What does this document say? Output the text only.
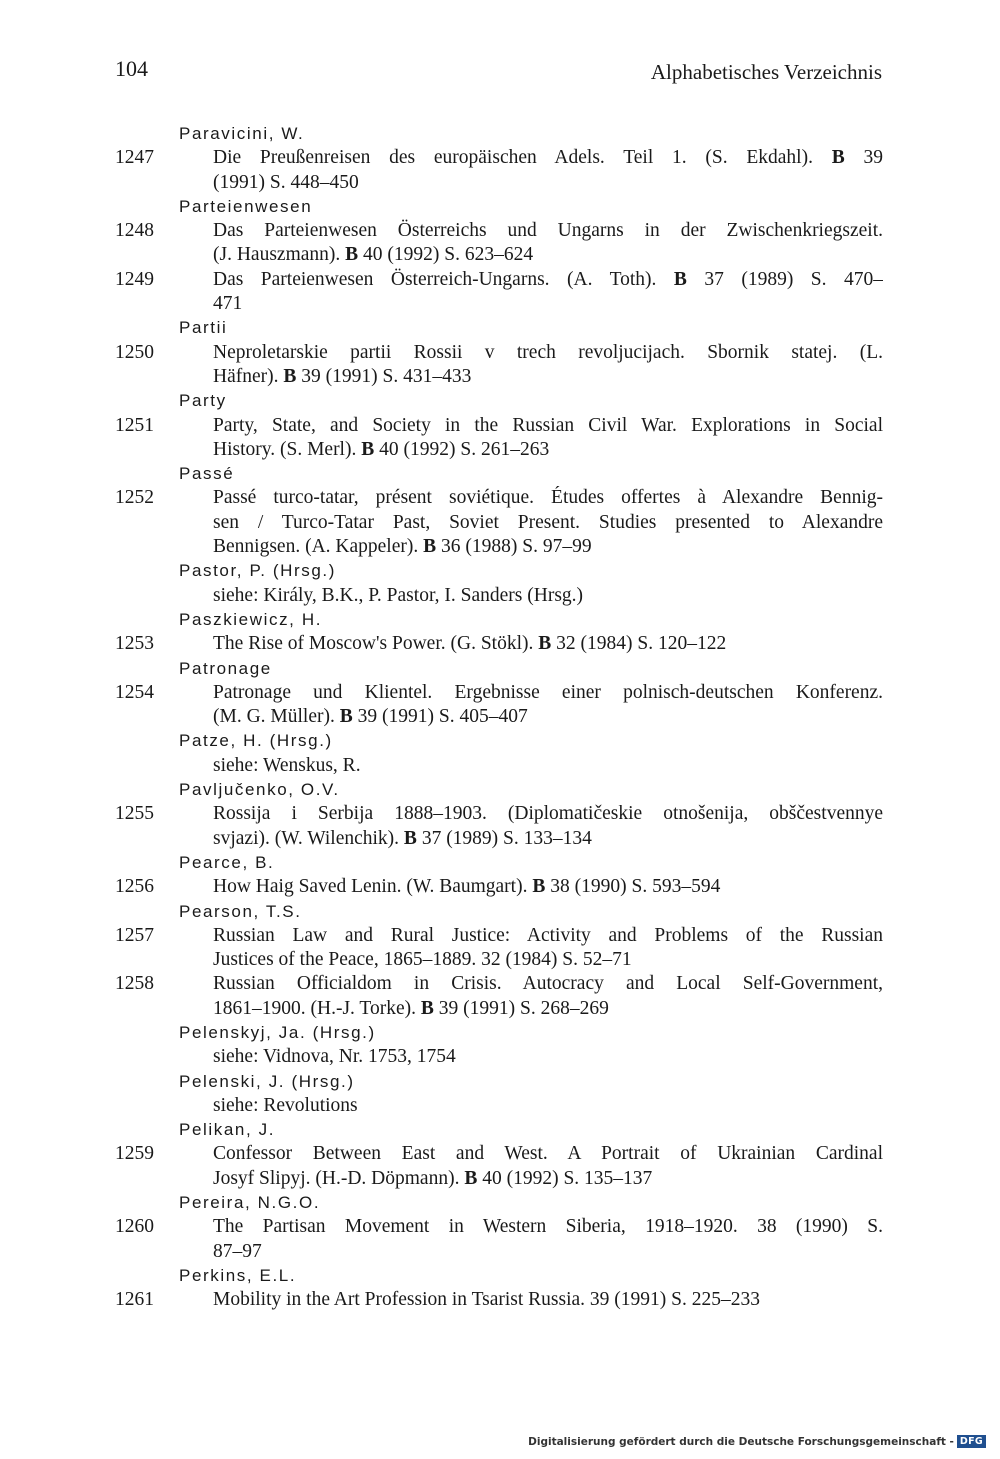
104	Alphabetisches Verzeichnis
Paravicini, W.
1247	Die Preußenreisen des europäischen Adels. Teil 1. (S. Ekdahl). B 39
(1991) S. 448–450
Parteienwesen
1248	Das Parteienwesen Österreichs und Ungarns in der Zwischenkriegszeit.
(J. Hauszmann). B 40 (1992) S. 623–624
1249	Das Parteienwesen Österreich-Ungarns. (A. Toth). B 37 (1989) S. 470–
471
Partii
1250	Neproletarskie partii Rossii v trech revoljucijach. Sbornik statej. (L.
Häfner). B 39 (1991) S. 431–433
Party
1251	Party, State, and Society in the Russian Civil War. Explorations in Social
History. (S. Merl). B 40 (1992) S. 261–263
Passé
1252	Passé turco-tatar, présent soviétique. Études offertes à Alexandre Bennig-
sen / Turco-Tatar Past, Soviet Present. Studies presented to Alexandre
Bennigsen. (A. Kappeler). B 36 (1988) S. 97–99
Pastor, P. (Hrsg.)
siehe: Király, B.K., P. Pastor, I. Sanders (Hrsg.)
Paszkiewicz, H.
1253	The Rise of Moscow's Power. (G. Stökl). B 32 (1984) S. 120–122
Patronage
1254	Patronage und Klientel. Ergebnisse einer polnisch-deutschen Konferenz.
(M. G. Müller). B 39 (1991) S. 405–407
Patze, H. (Hrsg.)
siehe: Wenskus, R.
Pavljučenko, O.V.
1255	Rossija i Serbija 1888–1903. (Diplomatičeskie otnošenija, obščestvennye
svjazi). (W. Wilenchik). B 37 (1989) S. 133–134
Pearce, B.
1256	How Haig Saved Lenin. (W. Baumgart). B 38 (1990) S. 593–594
Pearson, T.S.
1257	Russian Law and Rural Justice: Activity and Problems of the Russian
Justices of the Peace, 1865–1889. 32 (1984) S. 52–71
1258	Russian Officialdom in Crisis. Autocracy and Local Self-Government,
1861–1900. (H.-J. Torke). B 39 (1991) S. 268–269
Pelenskyj, Ja. (Hrsg.)
siehe: Vidnova, Nr. 1753, 1754
Pelenski, J. (Hrsg.)
siehe: Revolutions
Pelikan, J.
1259	Confessor Between East and West. A Portrait of Ukrainian Cardinal
Josyf Slipyj. (H.-D. Döpmann). B 40 (1992) S. 135–137
Pereira, N.G.O.
1260	The Partisan Movement in Western Siberia, 1918–1920. 38 (1990) S.
87–97
Perkins, E.L.
1261	Mobility in the Art Profession in Tsarist Russia. 39 (1991) S. 225–233
Digitalisierung gefördert durch die Deutsche Forschungsgemeinschaft - DFG
